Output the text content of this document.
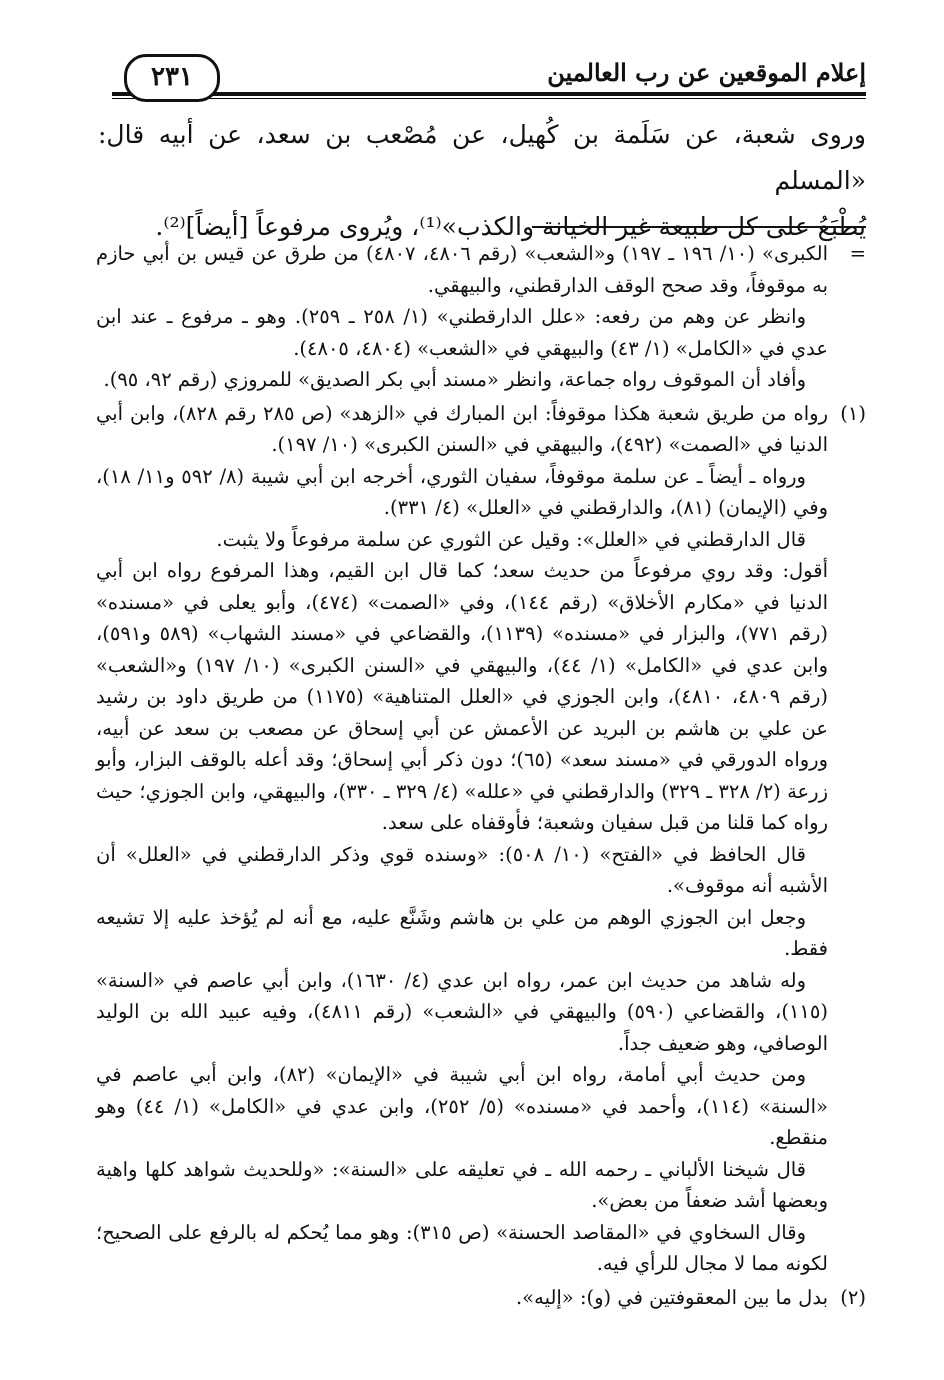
إعلام الموقعين عن رب العالمين
٢٣١

وروى شعبة، عن سَلَمة بن كُهيل، عن مُصْعب بن سعد، عن أبيه قال: «المسلم

يُطْبَعُ على كل طبيعة غير الخيانة والكذب»⁽¹⁾، ويُروى مرفوعاً [أيضاً]⁽²⁾.

=

الكبرى» (١٠/ ١٩٦ ـ ١٩٧) و«الشعب» (رقم ٤٨٠٦، ٤٨٠٧) من طرق عن قيس بن أبي حازم به موقوفاً، وقد صحح الوقف الدارقطني، والبيهقي.

وانظر عن وهم من رفعه: «علل الدارقطني» (١/ ٢٥٨ ـ ٢٥٩). وهو ـ مرفوع ـ عند ابن عدي في «الكامل» (١/ ٤٣) والبيهقي في «الشعب» (٤٨٠٤، ٤٨٠٥).

وأفاد أن الموقوف رواه جماعة، وانظر «مسند أبي بكر الصديق» للمروزي (رقم ٩٢، ٩٥).

(١)

رواه من طريق شعبة هكذا موقوفاً: ابن المبارك في «الزهد» (ص ٢٨٥ رقم ٨٢٨)، وابن أبي الدنيا في «الصمت» (٤٩٢)، والبيهقي في «السنن الكبرى» (١٠/ ١٩٧).

ورواه ـ أيضاً ـ عن سلمة موقوفاً، سفيان الثوري، أخرجه ابن أبي شيبة (٨/ ٥٩٢ و١١/ ١٨)، وفي (الإيمان) (٨١)، والدارقطني في «العلل» (٤/ ٣٣١).

قال الدارقطني في «العلل»: وقيل عن الثوري عن سلمة مرفوعاً ولا يثبت.

أقول: وقد روي مرفوعاً من حديث سعد؛ كما قال ابن القيم، وهذا المرفوع رواه ابن أبي الدنيا في «مكارم الأخلاق» (رقم ١٤٤)، وفي «الصمت» (٤٧٤)، وأبو يعلى في «مسنده» (رقم ٧٧١)، والبزار في «مسنده» (١١٣٩)، والقضاعي في «مسند الشهاب» (٥٨٩ و٥٩١)، وابن عدي في «الكامل» (١/ ٤٤)، والبيهقي في «السنن الكبرى» (١٠/ ١٩٧) و«الشعب» (رقم ٤٨٠٩، ٤٨١٠)، وابن الجوزي في «العلل المتناهية» (١١٧٥) من طريق داود بن رشيد عن علي بن هاشم بن البريد عن الأعمش عن أبي إسحاق عن مصعب بن سعد عن أبيه، ورواه الدورقي في «مسند سعد» (٦٥)؛ دون ذكر أبي إسحاق؛ وقد أعله بالوقف البزار، وأبو زرعة (٢/ ٣٢٨ ـ ٣٢٩) والدارقطني في «علله» (٤/ ٣٢٩ ـ ٣٣٠)، والبيهقي، وابن الجوزي؛ حيث رواه كما قلنا من قبل سفيان وشعبة؛ فأوقفاه على سعد.

قال الحافظ في «الفتح» (١٠/ ٥٠٨): «وسنده قوي وذكر الدارقطني في «العلل» أن الأشبه أنه موقوف».

وجعل ابن الجوزي الوهم من علي بن هاشم وشَنَّع عليه، مع أنه لم يُؤخذ عليه إلا تشيعه فقط.

وله شاهد من حديث ابن عمر، رواه ابن عدي (٤/ ١٦٣٠)، وابن أبي عاصم في «السنة» (١١٥)، والقضاعي (٥٩٠) والبيهقي في «الشعب» (رقم ٤٨١١)، وفيه عبيد الله بن الوليد الوصافي، وهو ضعيف جداً.

ومن حديث أبي أمامة، رواه ابن أبي شيبة في «الإيمان» (٨٢)، وابن أبي عاصم في «السنة» (١١٤)، وأحمد في «مسنده» (٥/ ٢٥٢)، وابن عدي في «الكامل» (١/ ٤٤) وهو منقطع.

قال شيخنا الألباني ـ رحمه الله ـ في تعليقه على «السنة»: «وللحديث شواهد كلها واهية وبعضها أشد ضعفاً من بعض».

وقال السخاوي في «المقاصد الحسنة» (ص ٣١٥): وهو مما يُحكم له بالرفع على الصحيح؛ لكونه مما لا مجال للرأي فيه.

(٢)

بدل ما بين المعقوفتين في (و): «إليه».
